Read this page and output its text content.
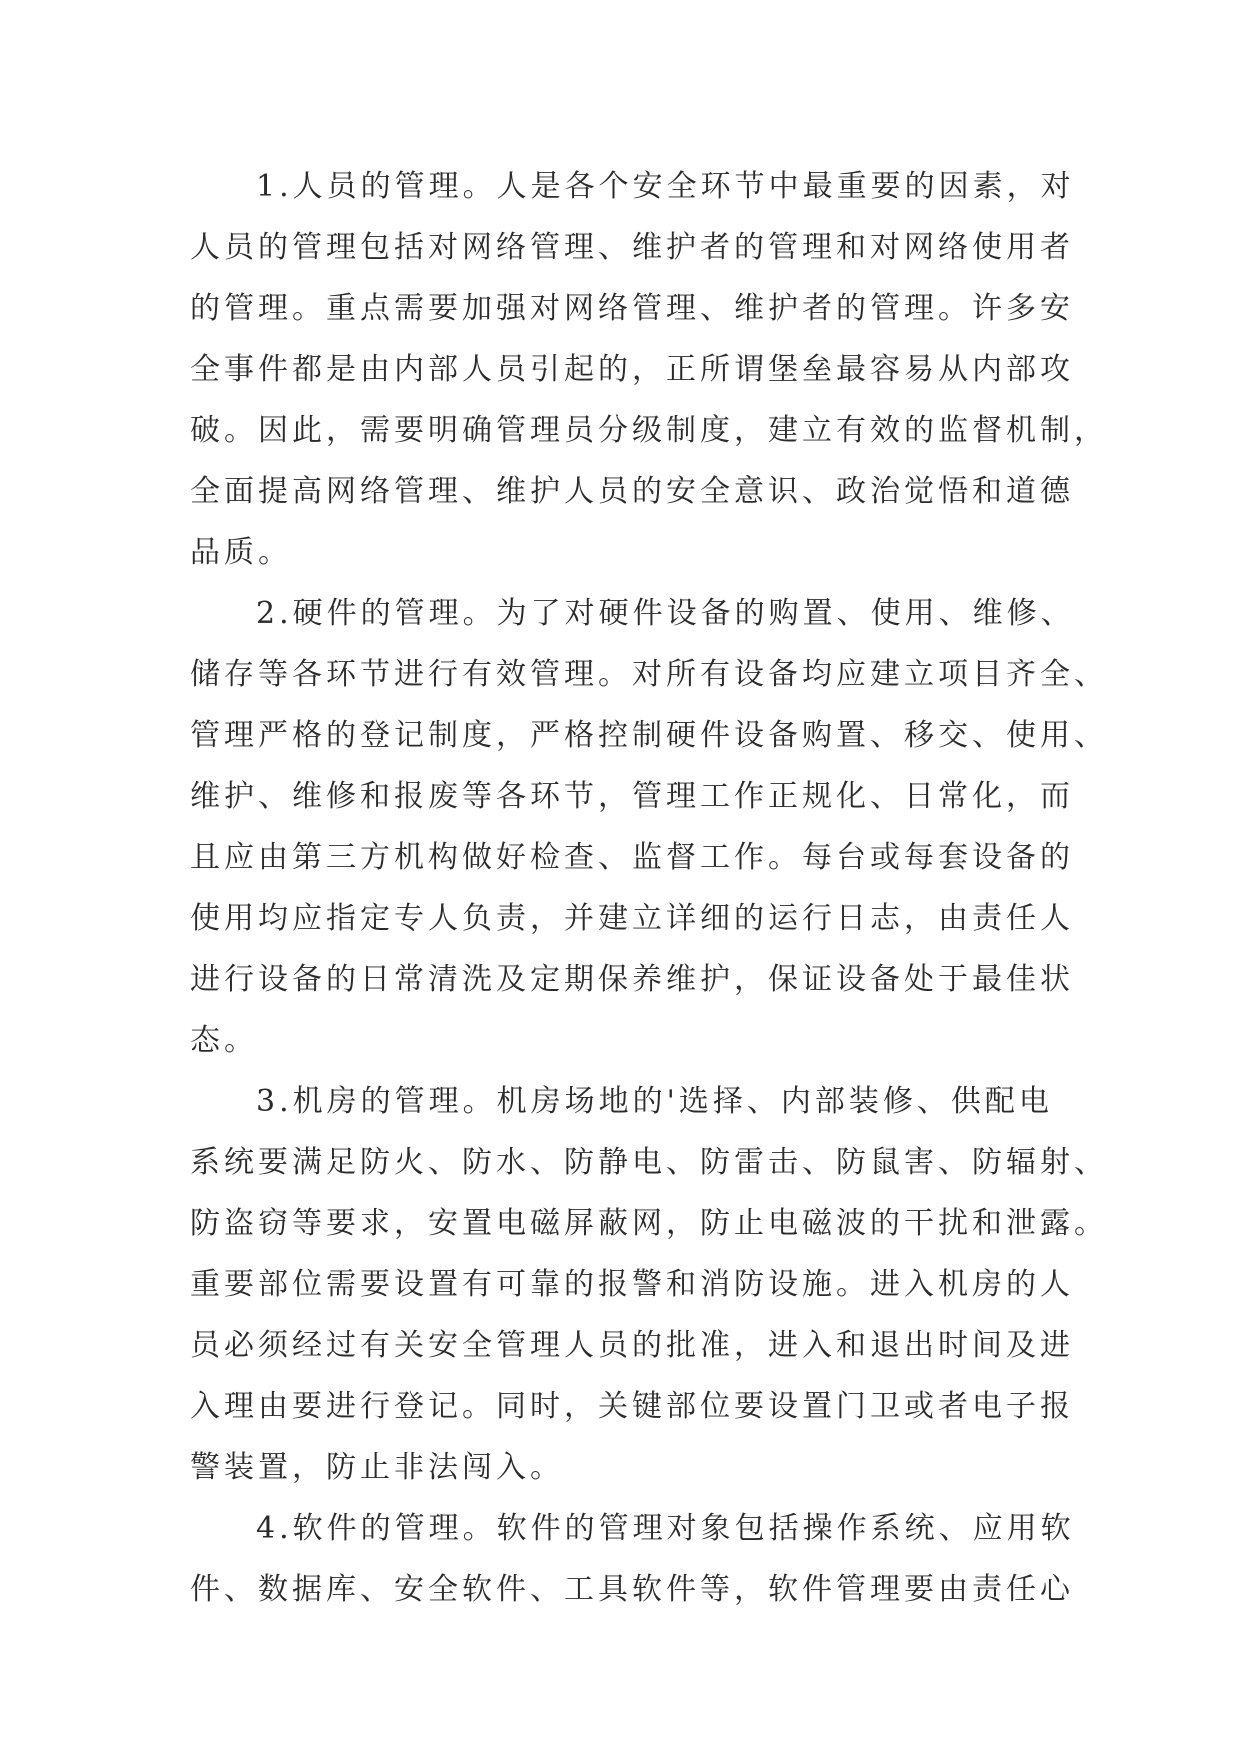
1.人员的管理。人是各个安全环节中最重要的因素，对
人员的管理包括对网络管理、维护者的管理和对网络使用者
的管理。重点需要加强对网络管理、维护者的管理。许多安
全事件都是由内部人员引起的，正所谓堡垒最容易从内部攻
破。因此，需要明确管理员分级制度，建立有效的监督机制，
全面提高网络管理、维护人员的安全意识、政治觉悟和道德
品质。
2.硬件的管理。为了对硬件设备的购置、使用、维修、
储存等各环节进行有效管理。对所有设备均应建立项目齐全、
管理严格的登记制度，严格控制硬件设备购置、移交、使用、
维护、维修和报废等各环节，管理工作正规化、日常化，而
且应由第三方机构做好检查、监督工作。每台或每套设备的
使用均应指定专人负责，并建立详细的运行日志，由责任人
进行设备的日常清洗及定期保养维护，保证设备处于最佳状
态。
3.机房的管理。机房场地的'选择、内部装修、供配电
系统要满足防火、防水、防静电、防雷击、防鼠害、防辐射、
防盗窃等要求，安置电磁屏蔽网，防止电磁波的干扰和泄露。
重要部位需要设置有可靠的报警和消防设施。进入机房的人
员必须经过有关安全管理人员的批准，进入和退出时间及进
入理由要进行登记。同时，关键部位要设置门卫或者电子报
警装置，防止非法闯入。
4.软件的管理。软件的管理对象包括操作系统、应用软
件、数据库、安全软件、工具软件等，软件管理要由责任心
